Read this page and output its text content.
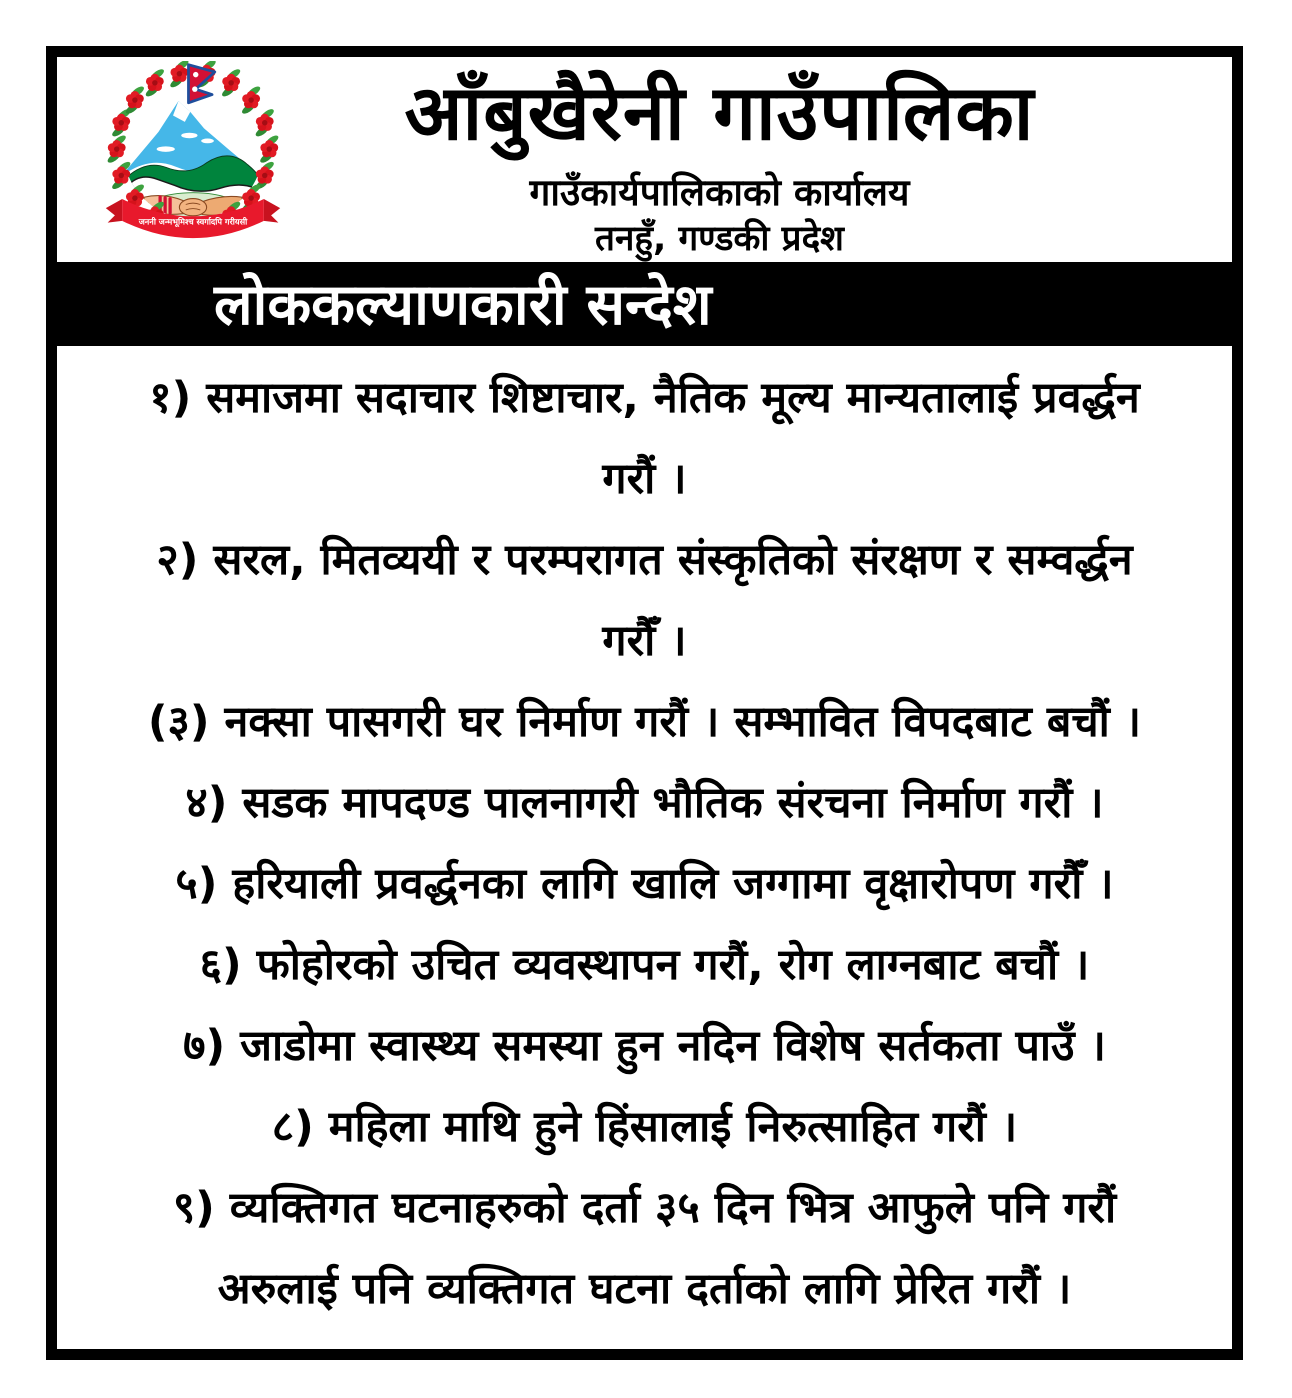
जननी जन्मभूमिश्च स्वर्गादपि गरीयसी
आँबुखैरेनी गाउँपालिका
गाउँकार्यपालिकाको कार्यालय
तनहुँ, गण्डकी प्रदेश
लोककल्याणकारी सन्देश
१) समाजमा सदाचार शिष्टाचार, नैतिक मूल्य मान्यतालाई प्रवर्द्धन
गरौं ।
२) सरल, मितव्ययी र परम्परागत संस्कृतिको संरक्षण र सम्वर्द्धन
गरौँ ।
(३) नक्सा पासगरी घर निर्माण गरौं । सम्भावित विपदबाट बचौं ।
४) सडक मापदण्ड पालनागरी भौतिक संरचना निर्माण गरौं ।
५) हरियाली प्रवर्द्धनका लागि खालि जग्गामा वृक्षारोपण गरौँ ।
६) फोहोरको उचित व्यवस्थापन गरौं, रोग लाग्नबाट बचौं ।
७) जाडोमा स्वास्थ्य समस्या हुन नदिन विशेष सर्तकता पाउँ ।
८) महिला माथि हुने हिंसालाई निरुत्साहित गरौं ।
९) व्यक्तिगत घटनाहरुको दर्ता ३५ दिन भित्र आफुले पनि गरौं
अरुलाई पनि व्यक्तिगत घटना दर्ताको लागि प्रेरित गरौं ।
